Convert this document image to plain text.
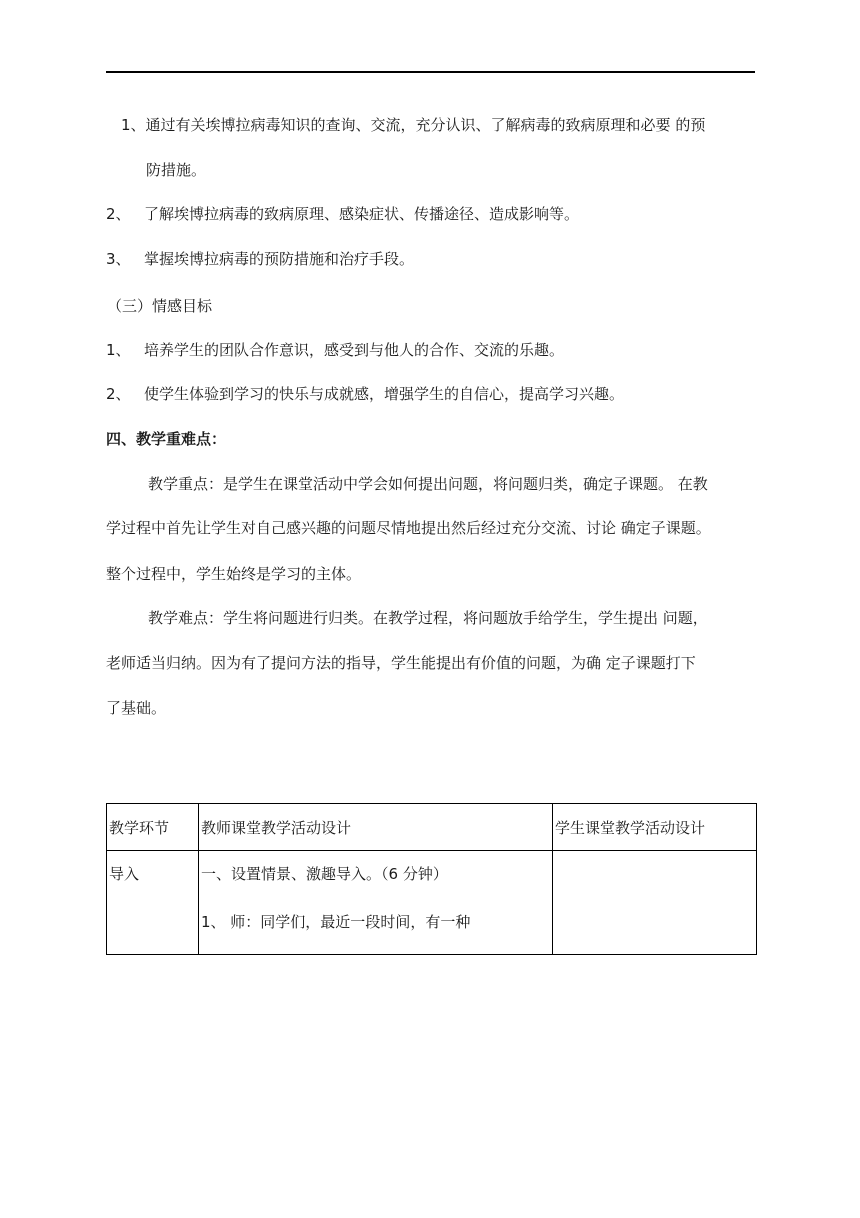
1、通过有关埃博拉病毒知识的查询、交流，充分认识、了解病毒的致病原理和必要 的预

防措施。

2、 了解埃博拉病毒的致病原理、感染症状、传播途径、造成影响等。

3、 掌握埃博拉病毒的预防措施和治疗手段。

（三）情感目标

1、 培养学生的团队合作意识，感受到与他人的合作、交流的乐趣。

2、 使学生体验到学习的快乐与成就感，增强学生的自信心，提高学习兴趣。

四、教学重难点：

教学重点：是学生在课堂活动中学会如何提出问题，将问题归类，确定子课题。 在教

学过程中首先让学生对自己感兴趣的问题尽情地提出然后经过充分交流、讨论 确定子课题。

整个过程中，学生始终是学习的主体。

教学难点：学生将问题进行归类。在教学过程，将问题放手给学生，学生提出 问题，

老师适当归纳。因为有了提问方法的指导，学生能提出有价值的问题，为确 定子课题打下

了基础。

教学环节	教师课堂教学活动设计	学生课堂教学活动设计

导入	一、设置情景、激趣导入。（6 分钟）
1、 师：同学们，最近一段时间，有一种	
